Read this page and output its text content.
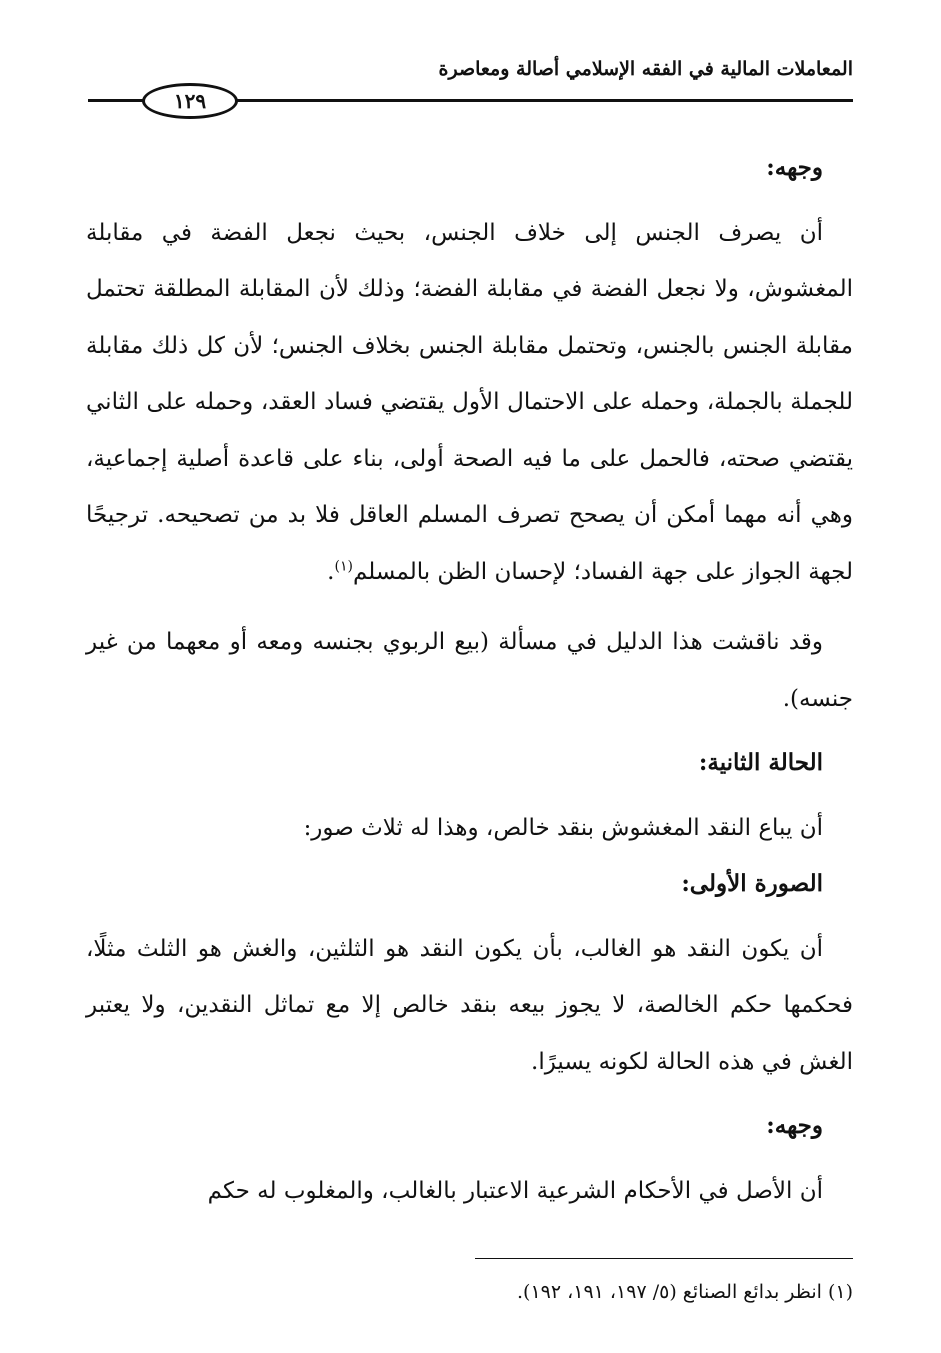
المعاملات المالية في الفقه الإسلامي أصالة ومعاصرة
١٢٩

وجهه:

أن يصرف الجنس إلى خلاف الجنس، بحيث نجعل الفضة في مقابلة المغشوش، ولا نجعل الفضة في مقابلة الفضة؛ وذلك لأن المقابلة المطلقة تحتمل مقابلة الجنس بالجنس، وتحتمل مقابلة الجنس بخلاف الجنس؛ لأن كل ذلك مقابلة للجملة بالجملة، وحمله على الاحتمال الأول يقتضي فساد العقد، وحمله على الثاني يقتضي صحته، فالحمل على ما فيه الصحة أولى، بناء على قاعدة أصلية إجماعية، وهي أنه مهما أمكن أن يصحح تصرف المسلم العاقل فلا بد من تصحيحه. ترجيحًا لجهة الجواز على جهة الفساد؛ لإحسان الظن بالمسلم$^{(١)}$.

وقد ناقشت هذا الدليل في مسألة (بيع الربوي بجنسه ومعه أو معهما من غير جنسه).

الحالة الثانية:

أن يباع النقد المغشوش بنقد خالص، وهذا له ثلاث صور:

الصورة الأولى:

أن يكون النقد هو الغالب، بأن يكون النقد هو الثلثين، والغش هو الثلث مثلًا، فحكمها حكم الخالصة، لا يجوز بيعه بنقد خالص إلا مع تماثل النقدين، ولا يعتبر الغش في هذه الحالة لكونه يسيرًا.

وجهه:

أن الأصل في الأحكام الشرعية الاعتبار بالغالب، والمغلوب له حكم

(١) انظر بدائع الصنائع (٥/ ١٩٧، ١٩١، ١٩٢).
